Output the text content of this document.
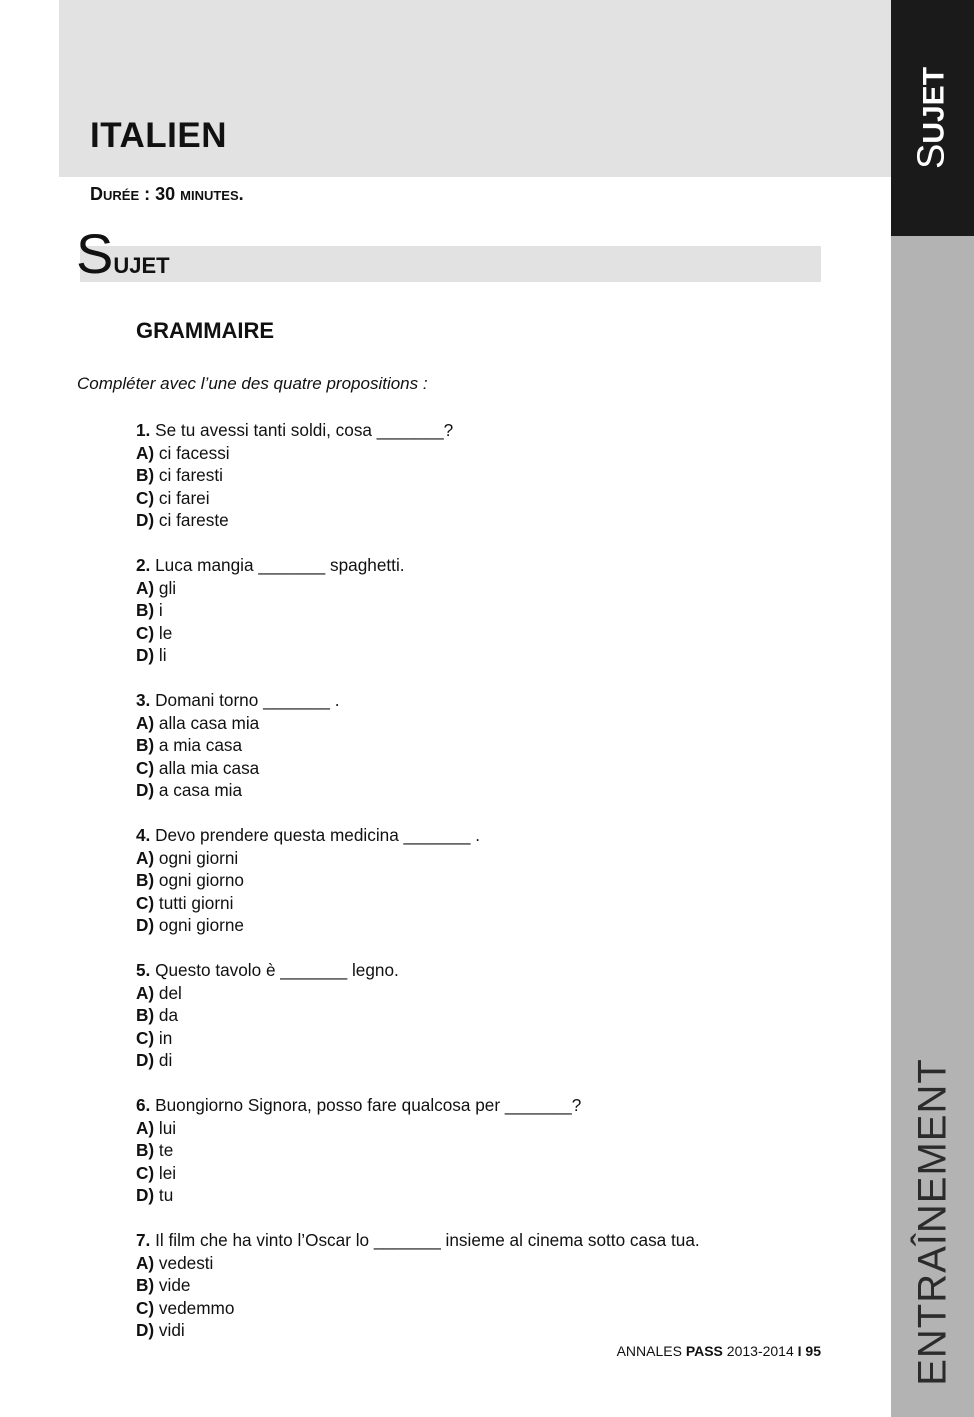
ITALIEN
Durée : 30 minutes.
SUJET
ENTRAÎNEMENT
SUJET
GRAMMAIRE

Compléter avec l’une des quatre propositions :

1. Se tu avessi tanti soldi, cosa _______?

A) ci facessi

B) ci faresti

C) ci farei

D) ci fareste

2. Luca mangia _______ spaghetti.

A) gli

B) i

C) le

D) li

3. Domani torno _______ .

A) alla casa mia

B) a mia casa

C) alla mia casa

D) a casa mia

4. Devo prendere questa medicina _______ .

A) ogni giorni

B) ogni giorno

C) tutti giorni

D) ogni giorne

5. Questo tavolo è _______ legno.

A) del

B) da

C) in

D) di

6. Buongiorno Signora, posso fare qualcosa per _______?

A) lui

B) te

C) lei

D) tu

7. Il film che ha vinto l’Oscar lo _______ insieme al cinema sotto casa tua.

A) vedesti

B) vide

C) vedemmo

D) vidi

ANNALES PASS 2013-2014 I 95
